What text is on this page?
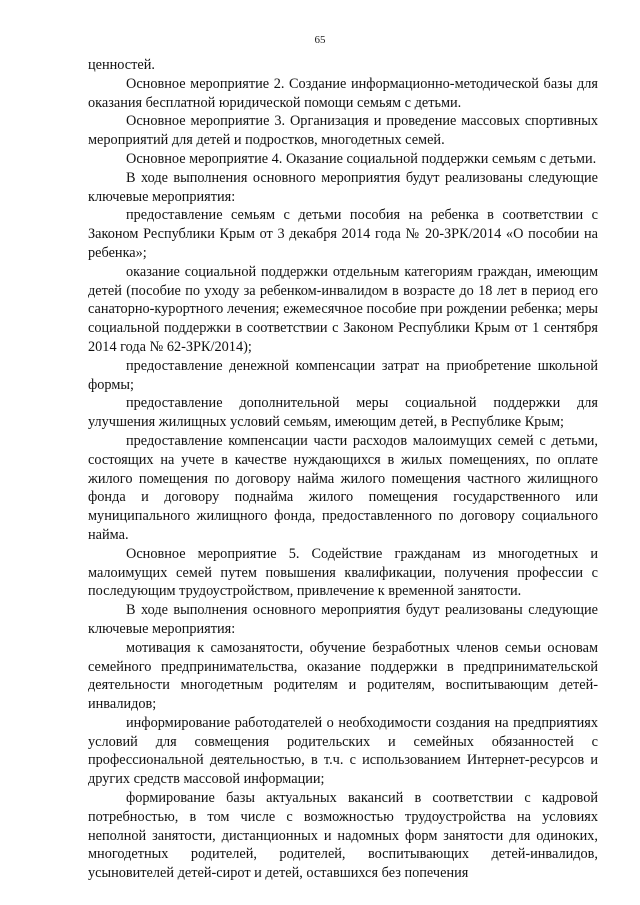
65

ценностей.

Основное мероприятие 2. Создание информационно-методической базы для оказания бесплатной юридической помощи семьям с детьми.

Основное мероприятие 3. Организация и проведение массовых спортивных мероприятий для детей и подростков, многодетных семей.

Основное мероприятие 4. Оказание социальной поддержки семьям с детьми.

В ходе выполнения основного мероприятия будут реализованы следующие ключевые мероприятия:

предоставление семьям с детьми пособия на ребенка в соответствии с Законом Республики Крым от 3 декабря 2014 года № 20-ЗРК/2014 «О пособии на ребенка»;

оказание социальной поддержки отдельным категориям граждан, имеющим детей (пособие по уходу за ребенком-инвалидом в возрасте до 18 лет в период его санаторно-курортного лечения; ежемесячное пособие при рождении ребенка; меры социальной поддержки в соответствии с Законом Республики Крым от 1 сентября 2014 года № 62-ЗРК/2014);

предоставление денежной компенсации затрат на приобретение школьной формы;

предоставление дополнительной меры социальной поддержки для улучшения жилищных условий семьям, имеющим детей, в Республике Крым;

предоставление компенсации части расходов малоимущих семей с детьми, состоящих на учете в качестве нуждающихся в жилых помещениях, по оплате жилого помещения по договору найма жилого помещения частного жилищного фонда и договору поднайма жилого помещения государственного или муниципального жилищного фонда, предоставленного по договору социального найма.

Основное мероприятие 5. Содействие гражданам из многодетных и малоимущих семей путем повышения квалификации, получения профессии с последующим трудоустройством, привлечение к временной занятости.

В ходе выполнения основного мероприятия будут реализованы следующие ключевые мероприятия:

мотивация к самозанятости, обучение безработных членов семьи основам семейного предпринимательства, оказание поддержки в предпринимательской деятельности многодетным родителям и родителям, воспитывающим детей-инвалидов;

информирование работодателей о необходимости создания на предприятиях условий для совмещения родительских и семейных обязанностей с профессиональной деятельностью, в т.ч. с использованием Интернет-ресурсов и других средств массовой информации;

формирование базы актуальных вакансий в соответствии с кадровой потребностью, в том числе с возможностью трудоустройства на условиях неполной занятости, дистанционных и надомных форм занятости для одиноких, многодетных родителей, родителей, воспитывающих детей-инвалидов, усыновителей детей-сирот и детей, оставшихся без попечения
